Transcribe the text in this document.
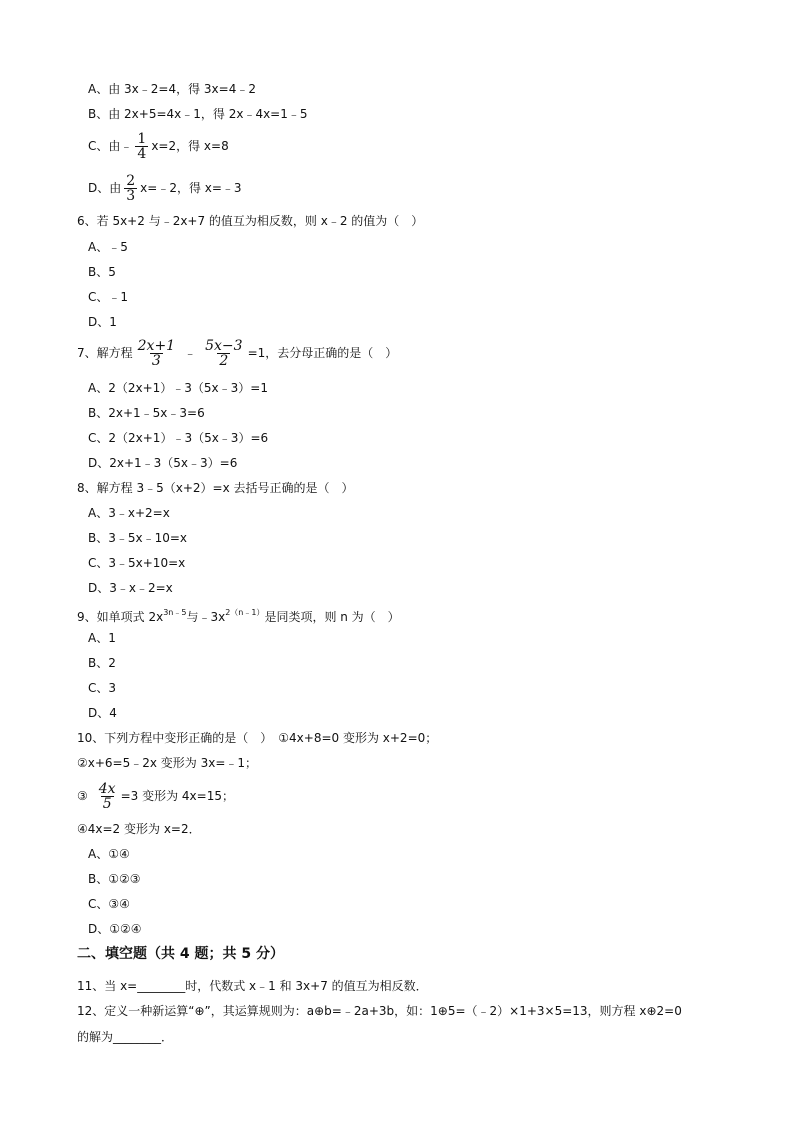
A、由 3x﹣2=4，得 3x=4﹣2
B、由 2x+5=4x﹣1，得 2x﹣4x=1﹣5
C、由﹣ $\frac{1}{4} x=2$，得 x=8
D、由 $\frac{2}{3}$ x=﹣2，得 x=﹣3
6、若 5x+2 与﹣2x+7 的值互为相反数，则 x﹣2 的值为（　）
A、﹣5
B、5
C、﹣1
D、1
7、解方程 $\frac{2x+1}{3}$ ﹣ $\frac{5x-3}{2} =1$，去分母正确的是（　）
A、2（2x+1）﹣3（5x﹣3）=1
B、2x+1﹣5x﹣3=6
C、2（2x+1）﹣3（5x﹣3）=6
D、2x+1﹣3（5x﹣3）=6
8、解方程 3﹣5（x+2）=x 去括号正确的是（　）
A、3﹣x+2=x
B、3﹣5x﹣10=x
C、3﹣5x+10=x
D、3﹣x﹣2=x
9、如单项式 $2x^{3n﹣5}$与$﹣3x^{2(n﹣1)}$是同类项，则 n 为（　）
A、1
B、2
C、3
D、4
10、下列方程中变形正确的是（　）　①4x+8=0 变形为 x+2=0；
②x+6=5﹣2x 变形为 3x=﹣1；
③ $\frac{4x}{5} =3$ 变形为 4x=15；
④4x=2 变形为 x=2．
A、①④
B、①②③
C、③④
D、①②④
二、填空题（共 4 题；共 5 分）
11、当 x=________时，代数式 x﹣1 和 3x+7 的值互为相反数．
12、定义一种新运算“⊕”，其运算规则为：a⊕b=﹣2a+3b，如：1⊕5=（﹣2）×1+3×5=13，则方程 x⊕2=0
的解为________．
